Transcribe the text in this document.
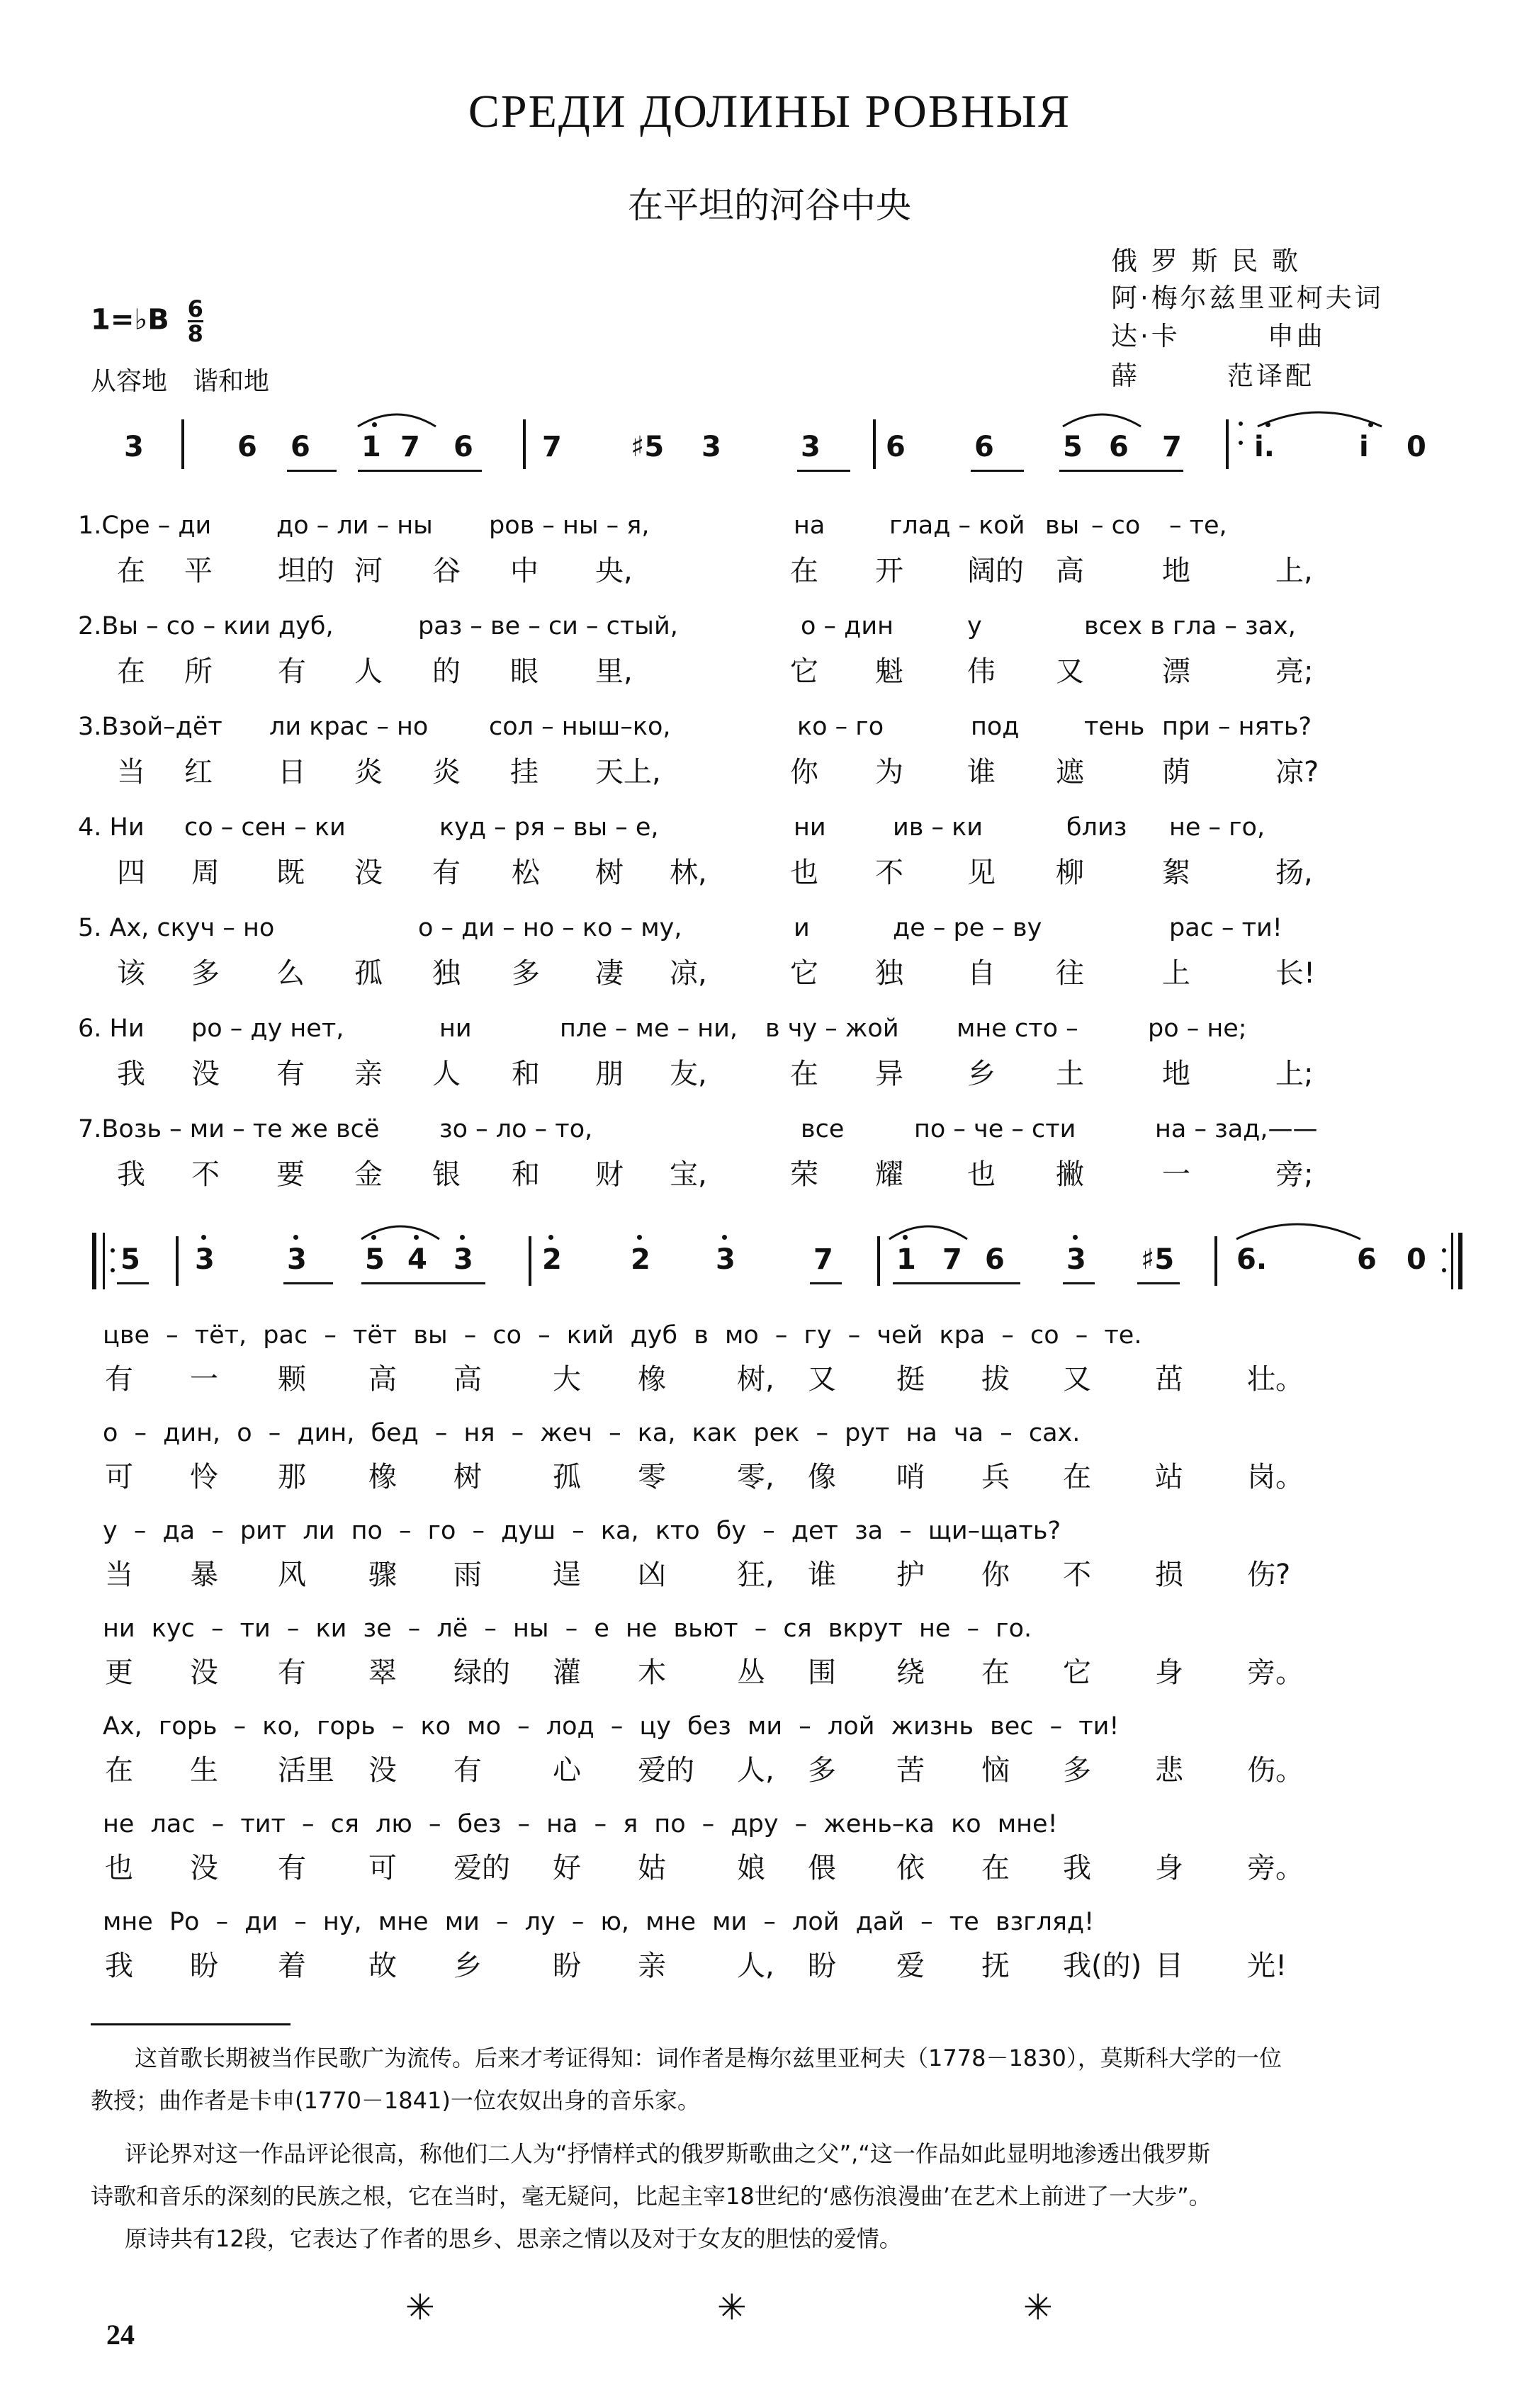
СРЕДИ ДОЛИНЫ РОВНЫЯ
在平坦的河谷中央
俄 罗 斯 民 歌
阿·梅尔兹里亚柯夫词
达·卡　　　申曲
薛　　　范译配
1=♭B $\frac{6}{8}$
从容地　谐和地
3	6 6 1 7 6 7 ♯5 3	3 6 6 5 6 7	i.	i 0
1.Сре – ди	до – ли – ны ров – ны – я,	на	глад – кой вы – со – те,
在 平 坦的 河 谷 中 央,	在 开 阔的 高	地	上,
2.Вы – со – кии дуб,	раз – ве – си – стый,	о – дин	у	всех в гла – зах,
在 所 有 人 的 眼 里,	它 魁 伟 又	漂	亮;
3.Взой–дёт ли крас – но сол – ныш–ко,	ко – го	под	тень при – нять?
当 红 日 炎 炎 挂 天上,	你 为 谁 遮	荫	凉?
4. Ни со – сен – ки	куд – ря – вы – е,	ни	ив – ки	близ не – го,
四 周 既 没 有 松 树 林,	也 不 见 柳	絮	扬,
5. Ах, скуч – но	о – ди – но – ко – му,	и	де – ре – ву	рас – ти!
该 多 么 孤 独 多 凄 凉,	它 独 自 往	上	长!
6. Ни ро – ду нет,	ни	пле – ме – ни, в чу – жой мне сто –	ро – не;
我 没 有 亲 人 和 朋 友,	在 异 乡 土	地	上;
7.Возь – ми – те же всё зо – ло – то,	все	по – че – сти	на – зад,——
我 不 要 金 银 和 财 宝,	荣 耀 也 撇	一	旁;
5 3	3 5 4 3 2 2 3	7 1 7 6 3 ♯5 6.	6 0
цве – тёт, рас – тёт вы – со – кий дуб в мо – гу – чей кра – со – те.
有 一 颗 高 高	大 橡	树, 又 挺 拔 又 茁 壮。
о – дин, о – дин, бед – ня – жеч – ка, как рек – рут на ча – сах.
可 怜 那 橡 树	孤 零	零, 像 哨 兵 在 站 岗。
у – да – рит ли по – го – душ – ка, кто бу – дет за – щи–щать?
当 暴 风 骤 雨	逞 凶	狂, 谁 护 你 不 损 伤?
ни кус – ти – ки зе – лё – ны – е не вьют – ся вкрут не – го.
更 没 有 翠 绿的 灌 木	丛 围 绕 在 它 身 旁。
Ах, горь – ко, горь – ко мо – лод – цу без ми – лой жизнь вес – ти!
在 生 活里 没 有	心 爱的 人, 多 苦 恼 多 悲 伤。
не лас – тит – ся лю – без – на – я по – дру – жень–ка ко мне!
也 没 有 可 爱的 好 姑	娘 偎 依 在 我 身 旁。
мне Ро – ди – ну, мне ми – лу – ю, мне ми – лой дай – те взгляд!
我 盼 着 故 乡	盼 亲	人, 盼 爱 抚 我(的) 目 光!
这首歌长期被当作民歌广为流传。后来才考证得知：词作者是梅尔兹里亚柯夫（1778－1830），莫斯科大学的一位
教授；曲作者是卡申(1770－1841)一位农奴出身的音乐家。
评论界对这一作品评论很高，称他们二人为“抒情样式的俄罗斯歌曲之父”,“这一作品如此显明地渗透出俄罗斯
诗歌和音乐的深刻的民族之根，它在当时，毫无疑问，比起主宰18世纪的‘感伤浪漫曲’在艺术上前进了一大步”。
原诗共有12段，它表达了作者的思乡、思亲之情以及对于女友的胆怯的爱情。
✳	✳	✳
24
